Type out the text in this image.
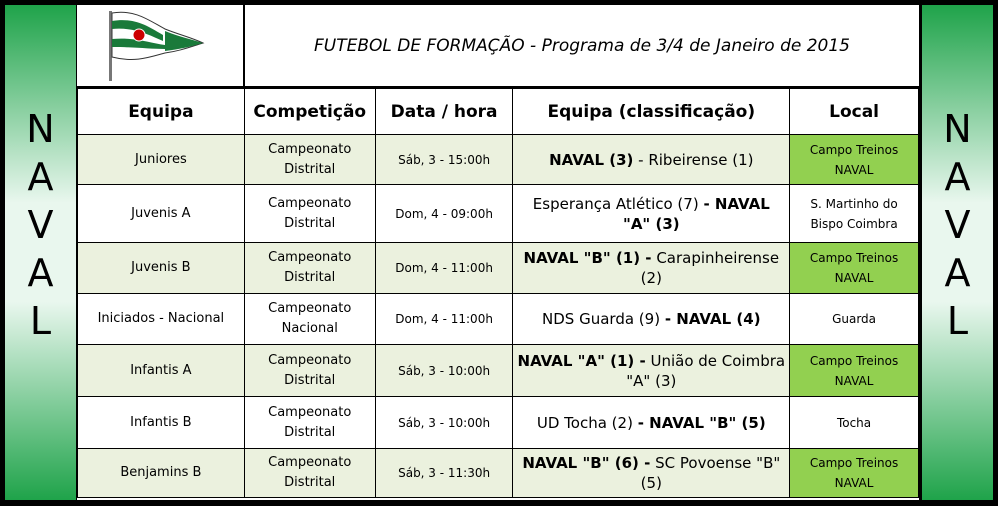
N
A
V
A
L
FUTEBOL DE FORMAÇÃO - Programa de 3/4 de Janeiro de 2015
Equipa	Competição	Data / hora	Equipa (classificação)	Local
Juniores	Campeonato Distrital	Sáb, 3 - 15:00h	NAVAL (3) - Ribeirense (1)	Campo Treinos NAVAL
Juvenis A	Campeonato Distrital	Dom, 4 - 09:00h	Esperança Atlético (7) - NAVAL "A" (3)	S. Martinho do Bispo Coimbra
Juvenis B	Campeonato Distrital	Dom, 4 - 11:00h	NAVAL "B" (1) - Carapinheirense (2)	Campo Treinos NAVAL
Iniciados - Nacional	Campeonato Nacional	Dom, 4 - 11:00h	NDS Guarda (9) - NAVAL (4)	Guarda
Infantis A	Campeonato Distrital	Sáb, 3 - 10:00h	NAVAL "A" (1) - União de Coimbra "A" (3)	Campo Treinos NAVAL
Infantis B	Campeonato Distrital	Sáb, 3 - 10:00h	UD Tocha (2) - NAVAL "B" (5)	Tocha
Benjamins B	Campeonato Distrital	Sáb, 3 - 11:30h	NAVAL "B" (6) - SC Povoense "B" (5)	Campo Treinos NAVAL
N
A
V
A
L
